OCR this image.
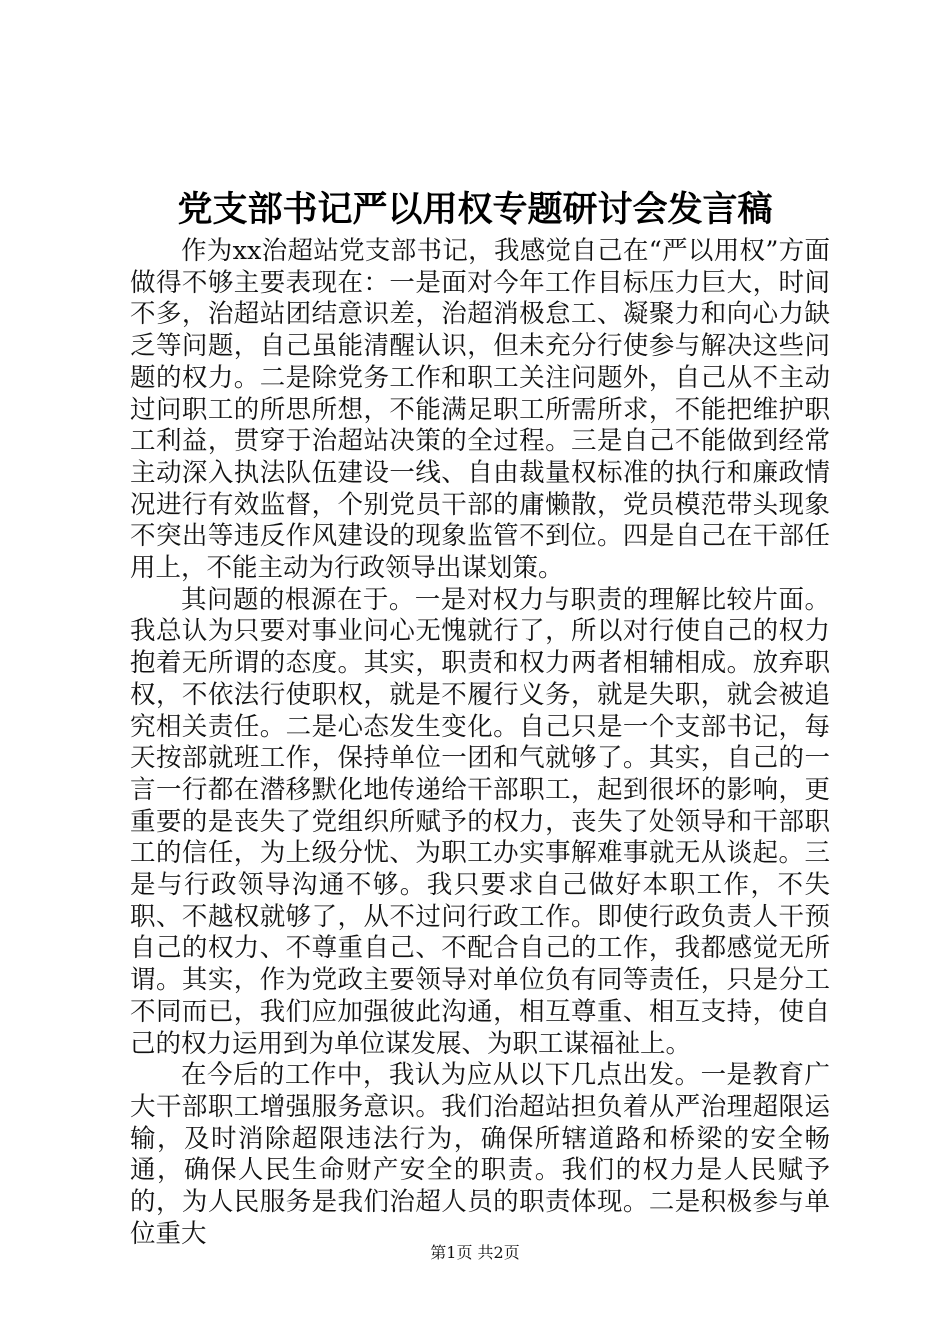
党支部书记严以用权专题研讨会发言稿

作为xx治超站党支部书记，我感觉自己在“严以用权”方面做得不够主要表现在：一是面对今年工作目标压力巨大，时间不多，治超站团结意识差，治超消极怠工、凝聚力和向心力缺乏等问题，自己虽能清醒认识，但未充分行使参与解决这些问题的权力。二是除党务工作和职工关注问题外，自己从不主动过问职工的所思所想，不能满足职工所需所求，不能把维护职工利益，贯穿于治超站决策的全过程。三是自己不能做到经常主动深入执法队伍建设一线、自由裁量权标准的执行和廉政情况进行有效监督，个别党员干部的庸懒散，党员模范带头现象不突出等违反作风建设的现象监管不到位。四是自己在干部任用上，不能主动为行政领导出谋划策。

其问题的根源在于。一是对权力与职责的理解比较片面。我总认为只要对事业问心无愧就行了，所以对行使自己的权力抱着无所谓的态度。其实，职责和权力两者相辅相成。放弃职权，不依法行使职权，就是不履行义务，就是失职，就会被追究相关责任。二是心态发生变化。自己只是一个支部书记，每天按部就班工作，保持单位一团和气就够了。其实，自己的一言一行都在潜移默化地传递给干部职工，起到很坏的影响，更重要的是丧失了党组织所赋予的权力，丧失了处领导和干部职工的信任，为上级分忧、为职工办实事解难事就无从谈起。三是与行政领导沟通不够。我只要求自己做好本职工作，不失职、不越权就够了，从不过问行政工作。即使行政负责人干预自己的权力、不尊重自己、不配合自己的工作，我都感觉无所谓。其实，作为党政主要领导对单位负有同等责任，只是分工不同而已，我们应加强彼此沟通，相互尊重、相互支持，使自己的权力运用到为单位谋发展、为职工谋福祉上。

在今后的工作中，我认为应从以下几点出发。一是教育广大干部职工增强服务意识。我们治超站担负着从严治理超限运输，及时消除超限违法行为，确保所辖道路和桥梁的安全畅通，确保人民生命财产安全的职责。我们的权力是人民赋予的，为人民服务是我们治超人员的职责体现。二是积极参与单位重大

第1页 共2页
